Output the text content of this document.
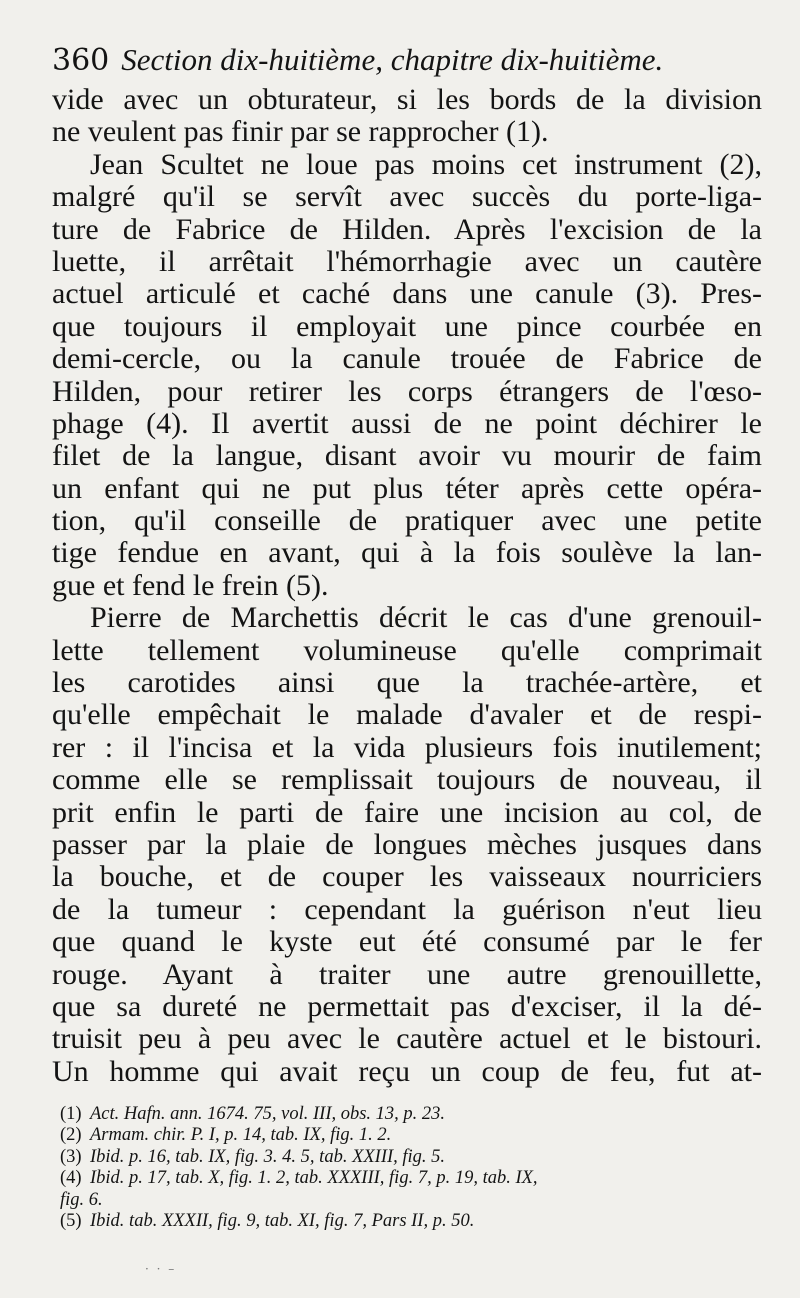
360 Section dix-huitième, chapitre dix-huitième.
vide avec un obturateur, si les bords de la division
ne veulent pas finir par se rapprocher (1).
Jean Scultet ne loue pas moins cet instrument (2),
malgré qu'il se servît avec succès du porte-liga-
ture de Fabrice de Hilden. Après l'excision de la
luette, il arrêtait l'hémorrhagie avec un cautère
actuel articulé et caché dans une canule (3). Pres-
que toujours il employait une pince courbée en
demi-cercle, ou la canule trouée de Fabrice de
Hilden, pour retirer les corps étrangers de l'œso-
phage (4). Il avertit aussi de ne point déchirer le
filet de la langue, disant avoir vu mourir de faim
un enfant qui ne put plus téter après cette opéra-
tion, qu'il conseille de pratiquer avec une petite
tige fendue en avant, qui à la fois soulève la lan-
gue et fend le frein (5).
Pierre de Marchettis décrit le cas d'une grenouil-
lette tellement volumineuse qu'elle comprimait
les carotides ainsi que la trachée-artère, et
qu'elle empêchait le malade d'avaler et de respi-
rer : il l'incisa et la vida plusieurs fois inutilement;
comme elle se remplissait toujours de nouveau, il
prit enfin le parti de faire une incision au col, de
passer par la plaie de longues mèches jusques dans
la bouche, et de couper les vaisseaux nourriciers
de la tumeur : cependant la guérison n'eut lieu
que quand le kyste eut été consumé par le fer
rouge. Ayant à traiter une autre grenouillette,
que sa dureté ne permettait pas d'exciser, il la dé-
truisit peu à peu avec le cautère actuel et le bistouri.
Un homme qui avait reçu un coup de feu, fut at-
(1) Act. Hafn. ann. 1674. 75, vol. III, obs. 13, p. 23.
(2) Armam. chir. P. I, p. 14, tab. IX, fig. 1. 2.
(3) Ibid. p. 16, tab. IX, fig. 3. 4. 5, tab. XXIII, fig. 5.
(4) Ibid. p. 17, tab. X, fig. 1. 2, tab. XXXIII, fig. 7, p. 19, tab. IX,
fig. 6.
(5) Ibid. tab. XXXII, fig. 9, tab. XI, fig. 7, Pars II, p. 50.
· · –
